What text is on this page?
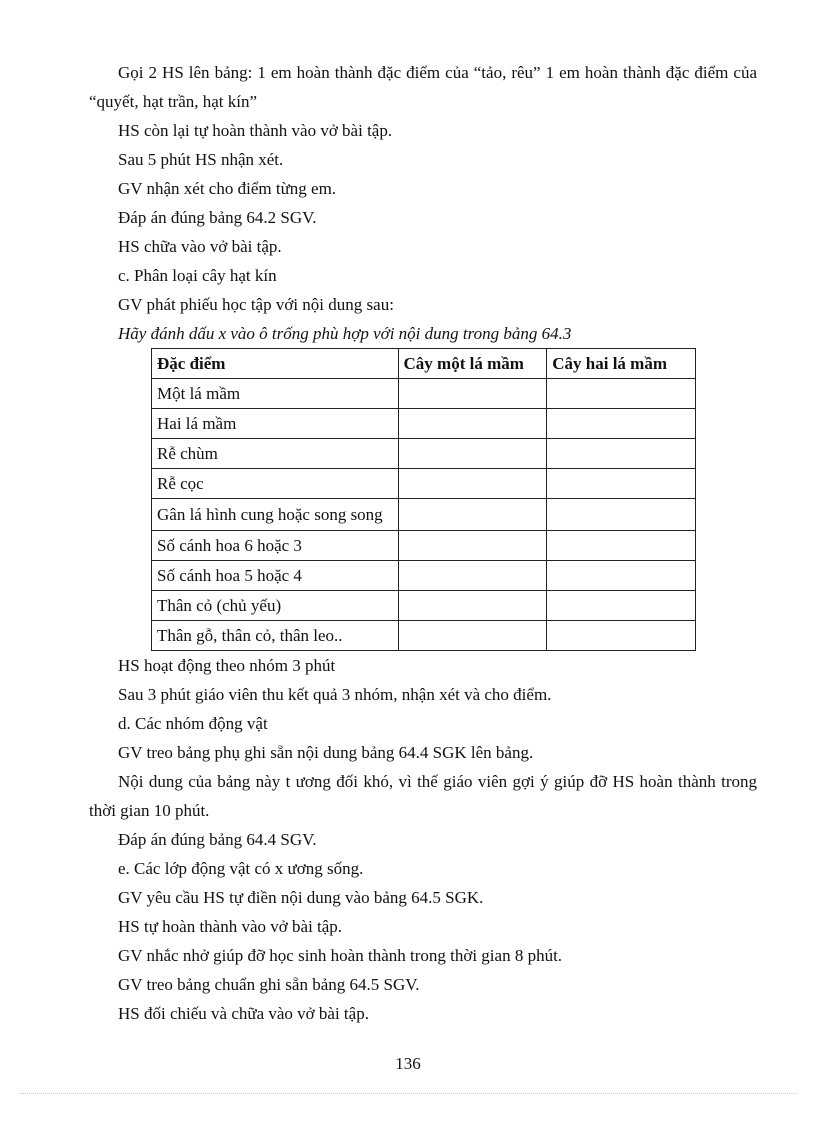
Gọi 2 HS lên bảng: 1 em hoàn thành đặc điểm của “tảo, rêu” 1 em hoàn thành đặc điểm của “quyết, hạt trần, hạt kín”

HS còn lại tự hoàn thành vào vở bài tập.

Sau 5 phút HS nhận xét.

GV nhận xét cho điểm từng em.

Đáp án đúng bảng 64.2 SGV.

HS chữa vào vở bài tập.

c. Phân loại cây hạt kín

GV phát phiếu học tập với nội dung sau:

Hãy đánh dấu x vào ô trống phù hợp với nội dung trong bảng 64.3

Đặc điểm	Cây một lá mầm	Cây hai lá mầm
Một lá mầm		
Hai lá mầm		
Rễ chùm		
Rễ cọc		
Gân lá hình cung hoặc song song		
Số cánh hoa 6 hoặc 3		
Số cánh hoa 5 hoặc 4		
Thân cỏ (chủ yếu)		
Thân gỗ, thân cỏ, thân leo..		

HS hoạt động theo nhóm 3 phút

Sau 3 phút giáo viên thu kết quả 3 nhóm, nhận xét và cho điểm.

d. Các nhóm động vật

GV treo bảng phụ ghi sẵn nội dung bảng 64.4 SGK lên bảng.

Nội dung của bảng này t ương đối khó, vì thế giáo viên gợi ý giúp đỡ HS hoàn thành trong thời gian 10 phút.

Đáp án đúng bảng 64.4 SGV.

e. Các lớp động vật có x ương sống.

GV yêu cầu HS tự điền nội dung vào bảng 64.5 SGK.

HS tự hoàn thành vào vở bài tập.

GV nhắc nhở giúp đỡ học sinh hoàn thành trong thời gian 8 phút.

GV treo bảng chuẩn ghi sẵn bảng 64.5 SGV.

HS đối chiếu và chữa vào vở bài tập.

136
